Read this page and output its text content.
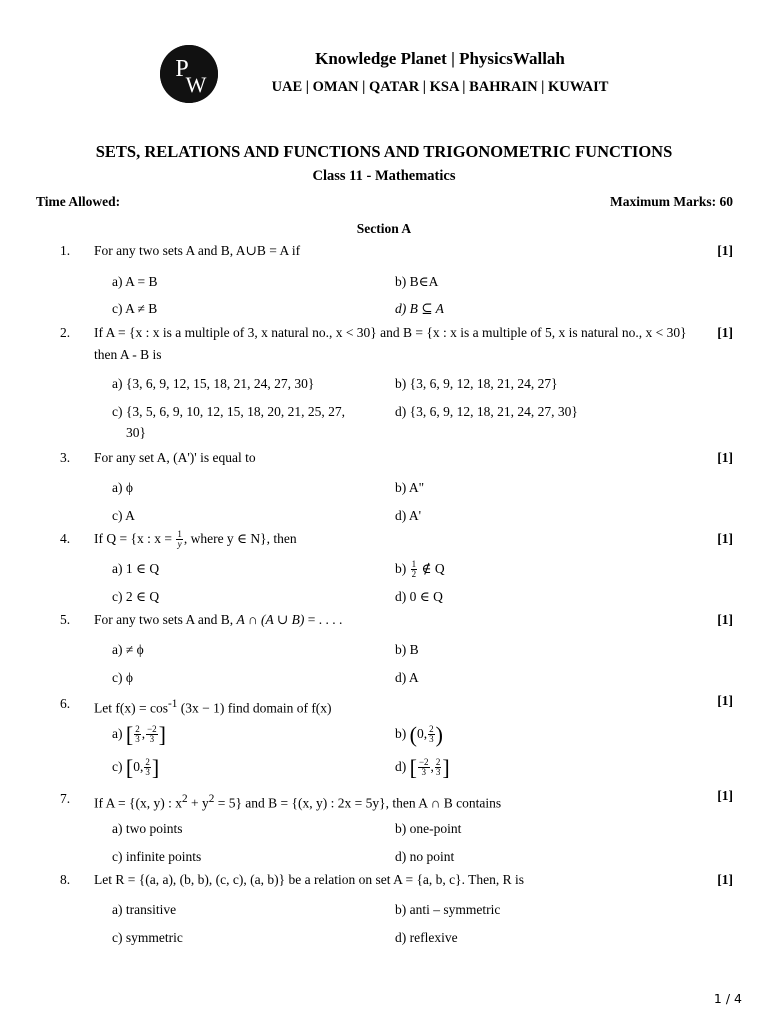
P
W
Knowledge Planet | PhysicsWallah
UAE | OMAN | QATAR | KSA | BAHRAIN | KUWAIT
SETS, RELATIONS AND FUNCTIONS AND TRIGONOMETRIC FUNCTIONS
Class 11 - Mathematics
Time Allowed:	Maximum Marks: 60
Section A
1. For any two sets A and B, A∪B = A if	[1]
a) A = B	b) B∈A
c) A ≠ B	d) B ⊆ A
2. If A = {x : x is a multiple of 3, x natural no., x < 30} and B = {x : x is a multiple of 5, x is natural no., x < 30} then A - B is
[1]
a) {3, 6, 9, 12, 15, 18, 21, 24, 27, 30}	b) {3, 6, 9, 12, 18, 21, 24, 27}
c) {3, 5, 6, 9, 10, 12, 15, 18, 20, 21, 25, 27,
30}
d) {3, 6, 9, 12, 18, 21, 24, 27, 30}
3. For any set A, (A')' is equal to	[1]
a) ϕ	b) A"
c) A	d) A'
4. If Q = {x : $x = \frac{1}{y}$ , where y ∈ N}, then	[1]
a) 1 ∈ Q	$b) \frac{1}{2}$ ∉ Q
c) 2 ∈ Q	d) 0 ∈ Q
5. For any two sets A and B, A ∩ (A ∪ B) = . . . .	[1]
a) ≠ ϕ	b) B
c) ϕ	d) A
6. Let $f(x) = \cos^{-1} (3x - 1)$ find domain of f(x)	[1]
a) [ $\frac{2}{3}$ , $\frac{-2}{3}$ ]	b) (0, $\frac{2}{3}$ )
c) [0, $\frac{2}{3}$ ]	d) [ $\frac{-2}{3}$ , $\frac{2}{3}$ ]
7. If A = {(x, y) : $x^2 + y^2 = 5$} and B = {(x, y) : 2x = 5y}, then A ∩ B contains	[1]
a) two points	b) one-point
c) infinite points	d) no point
8. Let R = {(a, a), (b, b), (c, c), (a, b)} be a relation on set A = {a, b, c}. Then, R is	[1]
a) transitive	b) anti – symmetric
c) symmetric	d) reflexive
1 / 4
